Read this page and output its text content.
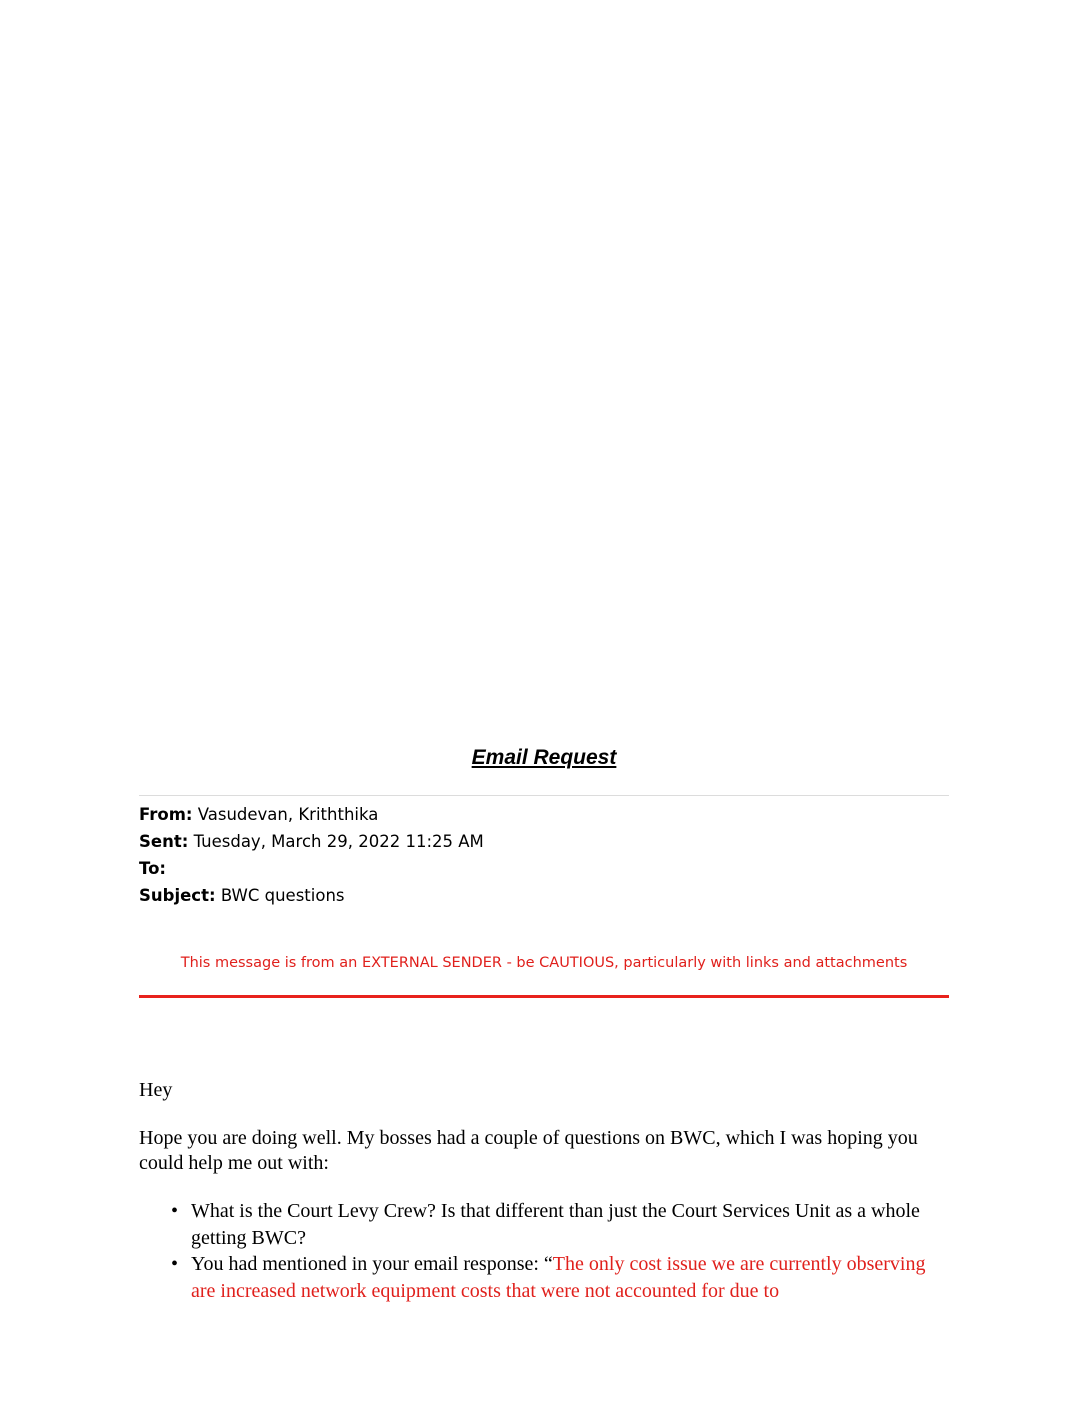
Email Request
From: Vasudevan, Kriththika
Sent: Tuesday, March 29, 2022 11:25 AM
To:
Subject: BWC questions

This message is from an EXTERNAL SENDER - be CAUTIOUS, particularly with links and attachments

Hey

Hope you are doing well. My bosses had a couple of questions on BWC, which I was hoping you could help me out with:

• What is the Court Levy Crew? Is that different than just the Court Services Unit as a whole getting BWC?
• You had mentioned in your email response: “The only cost issue we are currently observing are increased network equipment costs that were not accounted for due to
